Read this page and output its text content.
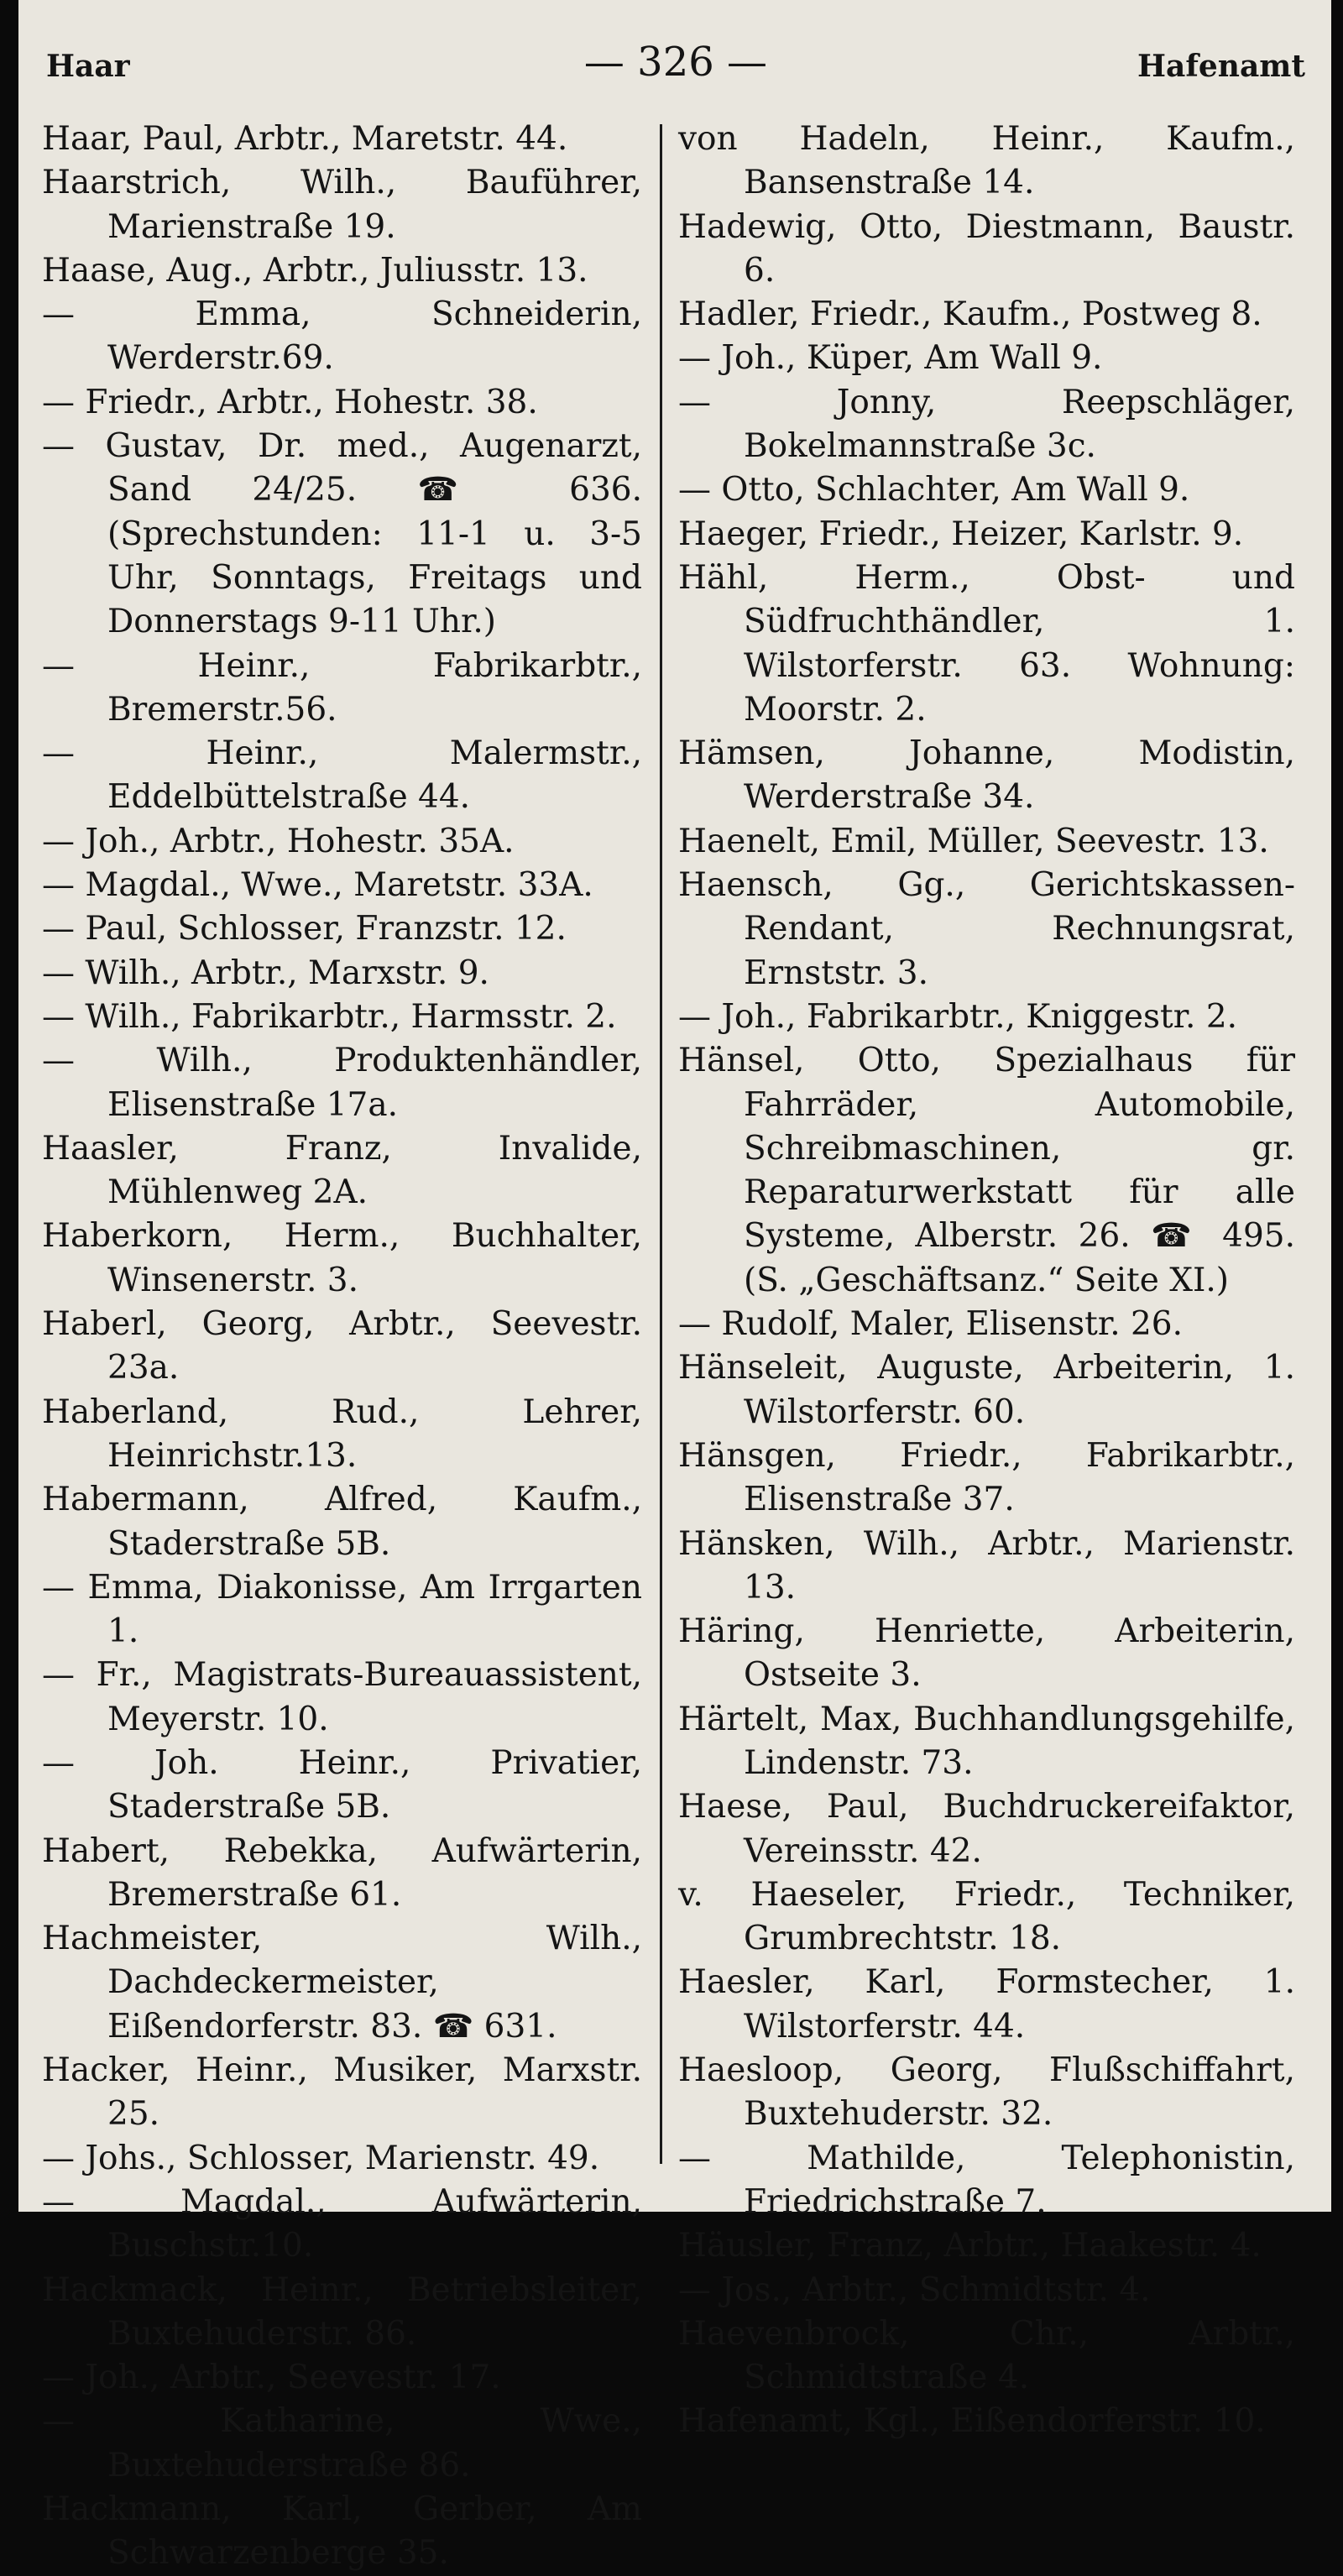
Haar	— 326 —	Hafenamt
Haar, Paul, Arbtr., Maretstr. 44.
Haarstrich, Wilh., Bauführer, Marienstraße 19.
Haase, Aug., Arbtr., Juliusstr. 13.
— Emma, Schneiderin, Werderstr.69.
— Friedr., Arbtr., Hohestr. 38.
— Gustav, Dr. med., Augenarzt, Sand 24/25. ☎ 636. (Sprechstunden: 11-1 u. 3-5 Uhr, Sonntags, Freitags und Donnerstags 9-11 Uhr.)
— Heinr., Fabrikarbtr., Bremerstr.56.
— Heinr., Malermstr., Eddelbüttelstraße 44.
— Joh., Arbtr., Hohestr. 35A.
— Magdal., Wwe., Maretstr. 33A.
— Paul, Schlosser, Franzstr. 12.
— Wilh., Arbtr., Marxstr. 9.
— Wilh., Fabrikarbtr., Harmsstr. 2.
— Wilh., Produktenhändler, Elisenstraße 17a.
Haasler, Franz, Invalide, Mühlenweg 2A.
Haberkorn, Herm., Buchhalter, Winsenerstr. 3.
Haberl, Georg, Arbtr., Seevestr. 23a.
Haberland, Rud., Lehrer, Heinrichstr.13.
Habermann, Alfred, Kaufm., Staderstraße 5B.
— Emma, Diakonisse, Am Irrgarten 1.
— Fr., Magistrats-Bureauassistent, Meyerstr. 10.
— Joh. Heinr., Privatier, Staderstraße 5B.
Habert, Rebekka, Aufwärterin, Bremerstraße 61.
Hachmeister, Wilh., Dachdeckermeister, Eißendorferstr. 83. ☎ 631.
Hacker, Heinr., Musiker, Marxstr. 25.
— Johs., Schlosser, Marienstr. 49.
— Magdal., Aufwärterin, Buschstr.10.
Hackmack, Heinr., Betriebsleiter, Buxtehuderstr. 86.
— Joh., Arbtr., Seevestr. 17.
— Katharine, Wwe., Buxtehuderstraße 86.
Hackmann, Karl, Gerber, Am Schwarzenberge 35.
von Hadeln, Heinr., Kaufm., Bansenstraße 14.
Hadewig, Otto, Diestmann, Baustr. 6.
Hadler, Friedr., Kaufm., Postweg 8.
— Joh., Küper, Am Wall 9.
— Jonny, Reepschläger, Bokelmannstraße 3c.
— Otto, Schlachter, Am Wall 9.
Haeger, Friedr., Heizer, Karlstr. 9.
Hähl, Herm., Obst- und Südfruchthändler, 1. Wilstorferstr. 63. Wohnung: Moorstr. 2.
Hämsen, Johanne, Modistin, Werderstraße 34.
Haenelt, Emil, Müller, Seevestr. 13.
Haensch, Gg., Gerichtskassen-Rendant, Rechnungsrat, Ernststr. 3.
— Joh., Fabrikarbtr., Kniggestr. 2.
Hänsel, Otto, Spezialhaus für Fahrräder, Automobile, Schreibmaschinen, gr. Reparaturwerkstatt für alle Systeme, Alberstr. 26. ☎ 495. (S. „Geschäftsanz.“ Seite XI.)
— Rudolf, Maler, Elisenstr. 26.
Hänseleit, Auguste, Arbeiterin, 1. Wilstorferstr. 60.
Hänsgen, Friedr., Fabrikarbtr., Elisenstraße 37.
Hänsken, Wilh., Arbtr., Marienstr. 13.
Häring, Henriette, Arbeiterin, Ostseite 3.
Härtelt, Max, Buchhandlungsgehilfe, Lindenstr. 73.
Haese, Paul, Buchdruckereifaktor, Vereinsstr. 42.
v. Haeseler, Friedr., Techniker, Grumbrechtstr. 18.
Haesler, Karl, Formstecher, 1. Wilstorferstr. 44.
Haesloop, Georg, Flußschiffahrt, Buxtehuderstr. 32.
— Mathilde, Telephonistin, Friedrichstraße 7.
Häusler, Franz, Arbtr., Haakestr. 4.
— Jos., Arbtr., Schmidtstr. 4.
Haevenbrock, Chr., Arbtr., Schmidtstraße 4.
Hafenamt, Kgl., Eißendorferstr. 10.
